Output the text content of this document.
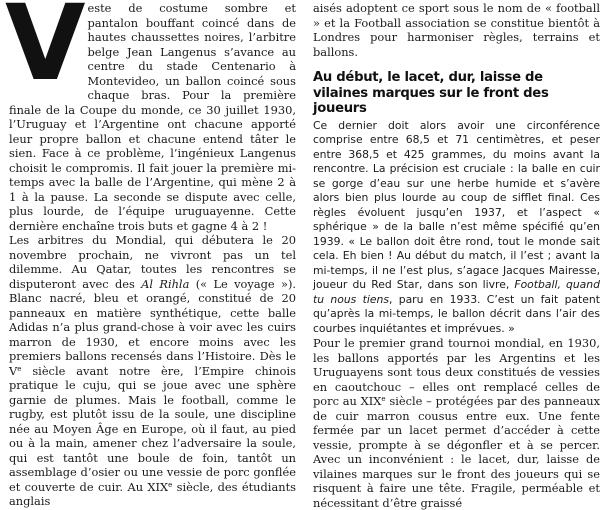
Veste de costume sombre et pantalon bouffant coincé dans de hautes chaussettes noires, l’arbitre belge Jean Langenus s’avance au centre du stade Centenario à Montevideo, un ballon coincé sous chaque bras. Pour la première finale de la Coupe du monde, ce 30 juillet 1930, l’Uruguay et l’Argentine ont chacune apporté leur propre ballon et chacune entend tâter le sien. Face à ce problème, l’ingénieux Langenus choisit le compromis. Il fait jouer la première mi-temps avec la balle de l’Argentine, qui mène 2 à 1 à la pause. La seconde se dispute avec celle, plus lourde, de l’équipe uruguayenne. Cette dernière enchaîne trois buts et gagne 4 à 2 !

Les arbitres du Mondial, qui débutera le 20 novembre prochain, ne vivront pas un tel dilemme. Au Qatar, toutes les rencontres se disputeront avec des Al Rihla (« Le voyage »). Blanc nacré, bleu et orangé, constitué de 20 panneaux en matière synthétique, cette balle Adidas n’a plus grand-chose à voir avec les cuirs marron de 1930, et encore moins avec les premiers ballons recensés dans l’Histoire. Dès le Ve siècle avant notre ère, l’Empire chinois pratique le cuju, qui se joue avec une sphère garnie de plumes. Mais le football, comme le rugby, est plutôt issu de la soule, une discipline née au Moyen Âge en Europe, où il faut, au pied ou à la main, amener chez l’adversaire la soule, qui est tantôt une boule de foin, tantôt un assemblage d’osier ou une vessie de porc gonflée et couverte de cuir. Au XIXe siècle, des étudiants anglais

aisés adoptent ce sport sous le nom de « football » et la Football association se constitue bientôt à Londres pour harmoniser règles, terrains et ballons.

Au début, le lacet, dur, laisse de vilaines marques sur le front des joueurs

Ce dernier doit alors avoir une circonférence comprise entre 68,5 et 71 centimètres, et peser entre 368,5 et 425 grammes, du moins avant la rencontre. La précision est cruciale : la balle en cuir se gorge d’eau sur une herbe humide et s’avère alors bien plus lourde au coup de sifflet final. Ces règles évoluent jusqu’en 1937, et l’aspect « sphérique » de la balle n’est même spécifié qu’en 1939. « Le ballon doit être rond, tout le monde sait cela. Eh bien ! Au début du match, il l’est ; avant la mi-temps, il ne l’est plus, s’agace Jacques Mairesse, joueur du Red Star, dans son livre, Football, quand tu nous tiens, paru en 1933. C’est un fait patent qu’après la mi-temps, le ballon décrit dans l’air des courbes inquiétantes et imprévues. »

Pour le premier grand tournoi mondial, en 1930, les ballons apportés par les Argentins et les Uruguayens sont tous deux constitués de vessies en caoutchouc – elles ont remplacé celles de porc au XIXe siècle – protégées par des panneaux de cuir marron cousus entre eux. Une fente fermée par un lacet permet d’accéder à cette vessie, prompte à se dégonfler et à se percer. Avec un inconvénient : le lacet, dur, laisse de vilaines marques sur le front des joueurs qui se risquent à faire une tête. Fragile, perméable et nécessitant d’être graissé
